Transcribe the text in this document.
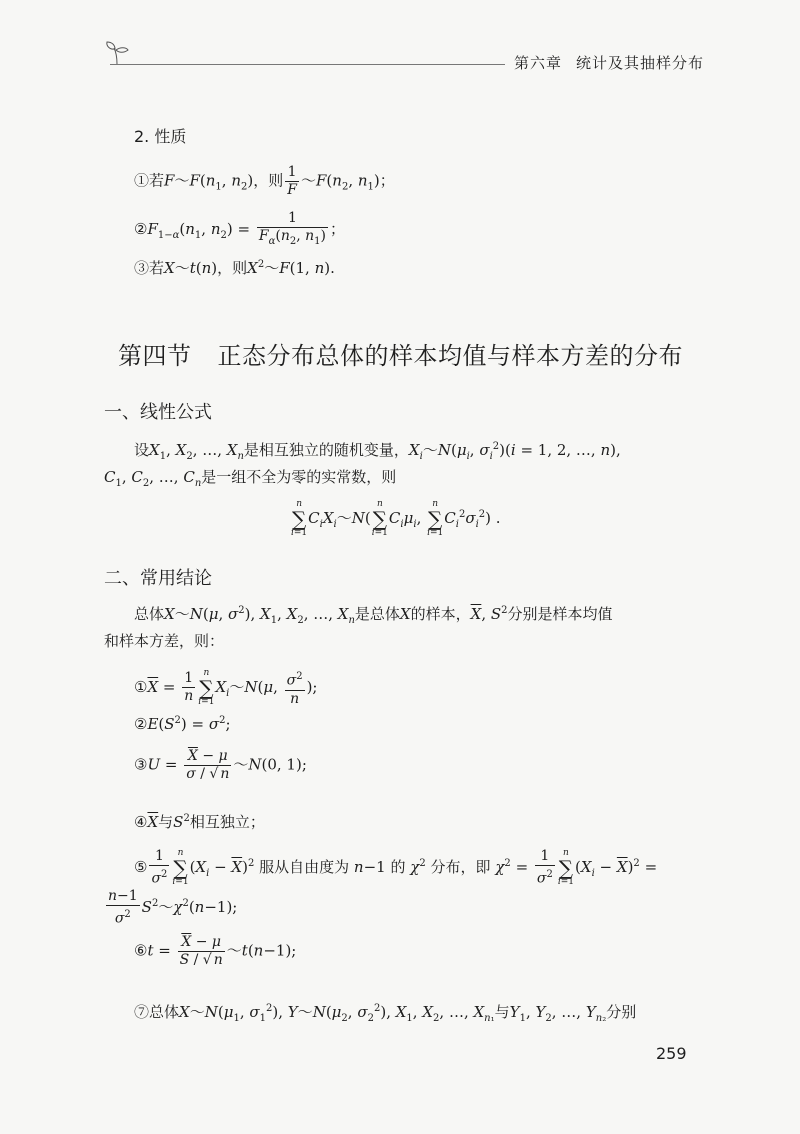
第六章 统计及其抽样分布
2. 性质
①若$F\sim F(n_1$, $n_2$)，则 $\frac{1}{F}$ $\sim F(n_2$, $n_1$)；
$②F_{1-\alpha}(n_1$, $n_2) = \frac{1}{F_\alpha(n_2, n_1)}$ ；
③若X～t(n)，则$X^2\sim F(1$, n).
第四节 正态分布总体的样本均值与样本方差的分布
一、线性公式
设$X_1$, $X_2$, …, $X_n$是相互独立的随机变量，$X_i\sim N(\mu_i$, $\sigma_i^2)(i = 1$, 2, …, n),
$C_1$, $C_2$, …, $C_n$是一组不全为零的实常数，则
n
∑
i=1
$C_iX_i\sim N$(
n
∑
i=1
$C_i\mu_i$,
n
∑
i=1
$C_i^2\sigma_i^2$) .
二、常用结论
总体X～N(μ, $\sigma^2$), $X_1$, $X_2$, …, $X_n$是总体X的样本，$\overline{X}$, $S^2$分别是样本均值
和样本方差，则：
$①\overline{X} = \frac{1}{n}$ n
∑
i=1
$X_i\sim N(\mu$, $\frac{\sigma^2}{n}$ );
$②E(S^2) = \sigma^2$;
③U = $\frac{\overline{X} - \mu}{\sigma / √ n}$ ～N(0, 1);
$④\overline{X}$与$S^2$相互独立；
⑤ $\frac{1}{\sigma^2}$ n
∑
i=1
$(X_i - \overline{X})^2$ 服从自由度为 n−1 的 $\chi^2$ 分布，即 $\chi^2 = \frac{1}{\sigma^2}$ n
∑
i=1
$(X_i - \overline{X})^2$ =
$\frac{n-1}{\sigma^2}$ $S^2\sim\chi^2(n-1)$;
⑥t = $\frac{\overline{X} - \mu}{S / √ n}$ ～t(n−1);
⑦总体$X\sim N(\mu_1$, $\sigma_1^2$), $Y\sim N(\mu_2$, $\sigma_2^2$), $X_1$, $X_2$, …, $X_{n_1}$与$Y_1$, $Y_2$, …, $Y_{n_2}$分别
259
